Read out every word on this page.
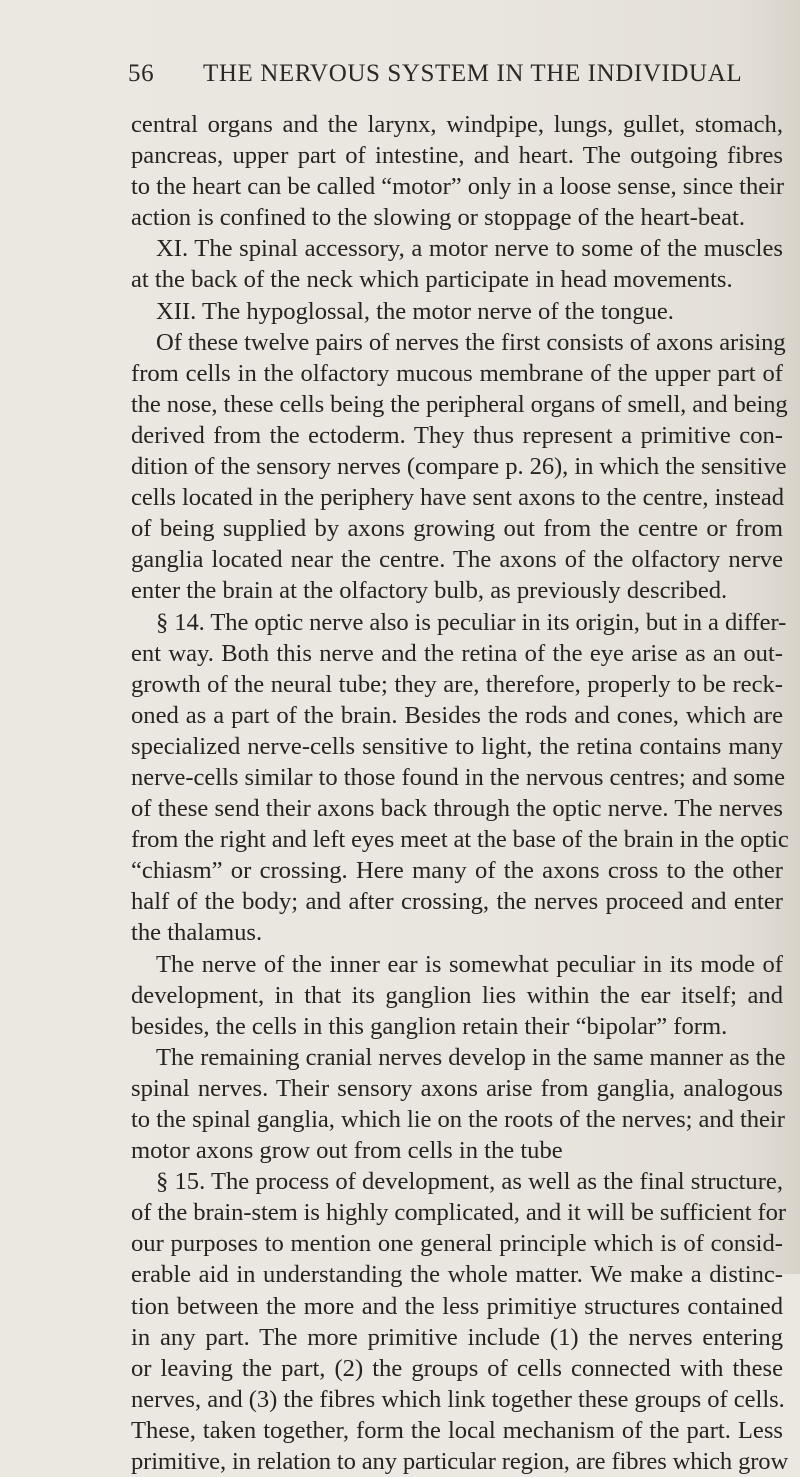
56 THE NERVOUS SYSTEM IN THE INDIVIDUAL
central organs and the larynx, windpipe, lungs, gullet, stomach,
pancreas, upper part of intestine, and heart. The outgoing fibres
to the heart can be called “motor” only in a loose sense, since their
action is confined to the slowing or stoppage of the heart-beat.
XI. The spinal accessory, a motor nerve to some of the muscles
at the back of the neck which participate in head movements.
XII. The hypoglossal, the motor nerve of the tongue.
Of these twelve pairs of nerves the first consists of axons arising
from cells in the olfactory mucous membrane of the upper part of
the nose, these cells being the peripheral organs of smell, and being
derived from the ectoderm. They thus represent a primitive con-
dition of the sensory nerves (compare p. 26), in which the sensitive
cells located in the periphery have sent axons to the centre, instead
of being supplied by axons growing out from the centre or from
ganglia located near the centre. The axons of the olfactory nerve
enter the brain at the olfactory bulb, as previously described.
§ 14. The optic nerve also is peculiar in its origin, but in a differ-
ent way. Both this nerve and the retina of the eye arise as an out-
growth of the neural tube; they are, therefore, properly to be reck-
oned as a part of the brain. Besides the rods and cones, which are
specialized nerve-cells sensitive to light, the retina contains many
nerve-cells similar to those found in the nervous centres; and some
of these send their axons back through the optic nerve. The nerves
from the right and left eyes meet at the base of the brain in the optic
“chiasm” or crossing. Here many of the axons cross to the other
half of the body; and after crossing, the nerves proceed and enter
the thalamus.
The nerve of the inner ear is somewhat peculiar in its mode of
development, in that its ganglion lies within the ear itself; and
besides, the cells in this ganglion retain their “bipolar” form.
The remaining cranial nerves develop in the same manner as the
spinal nerves. Their sensory axons arise from ganglia, analogous
to the spinal ganglia, which lie on the roots of the nerves; and their
motor axons grow out from cells in the tube
§ 15. The process of development, as well as the final structure,
of the brain-stem is highly complicated, and it will be sufficient for
our purposes to mention one general principle which is of consid-
erable aid in understanding the whole matter. We make a distinc-
tion between the more and the less primitiye structures contained
in any part. The more primitive include (1) the nerves entering
or leaving the part, (2) the groups of cells connected with these
nerves, and (3) the fibres which link together these groups of cells.
These, taken together, form the local mechanism of the part. Less
primitive, in relation to any particular region, are fibres which grow
